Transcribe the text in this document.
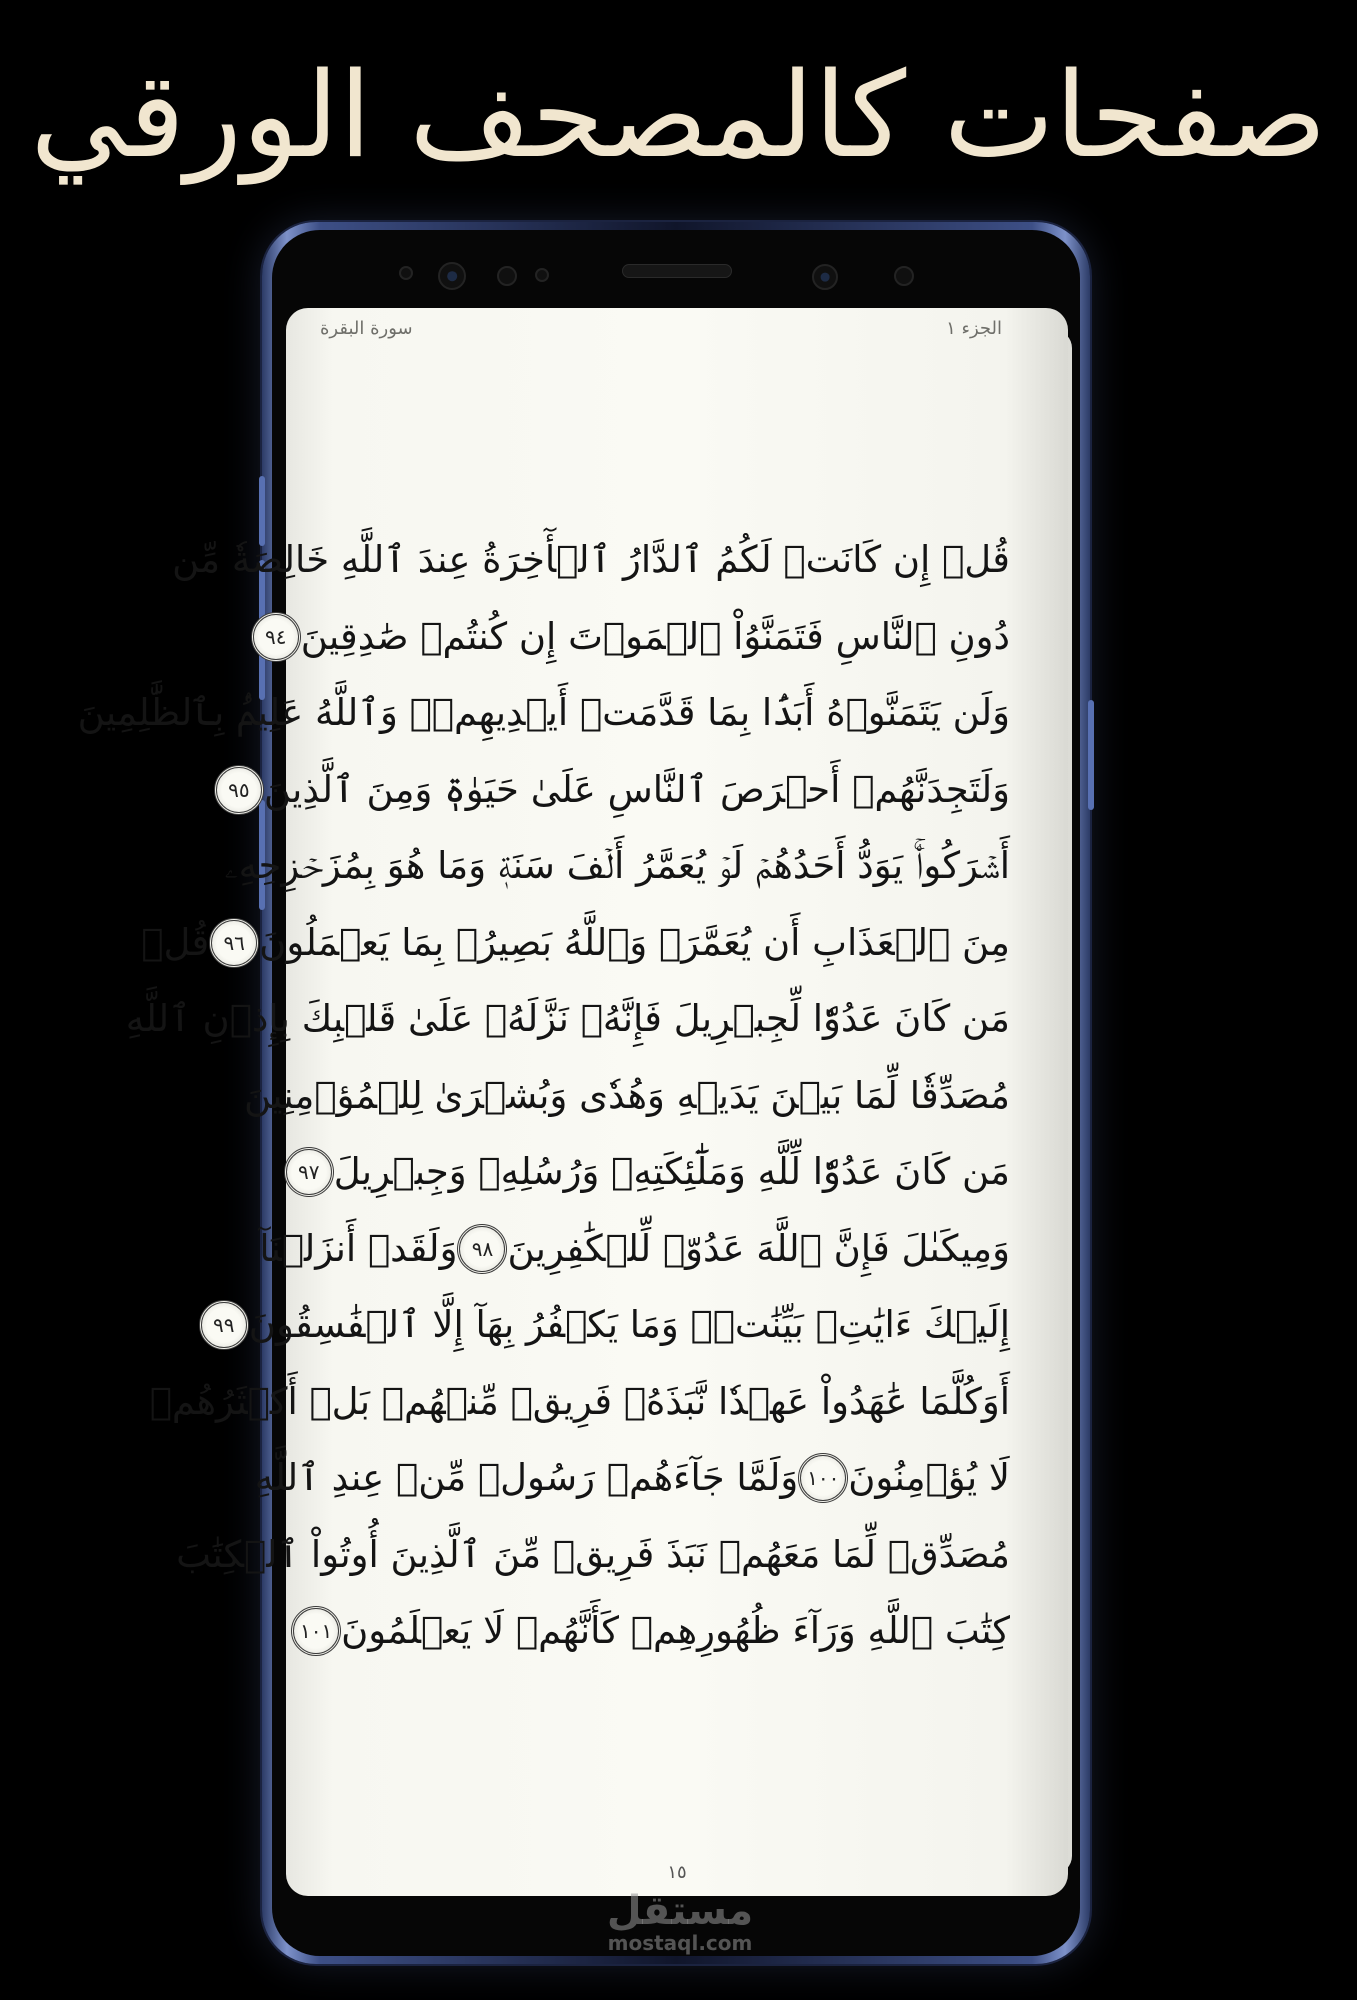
صفحات كالمصحف الورقي
سورة البقرة	الجزء ١
قُلۡ إِن كَانَتۡ لَكُمُ ٱلدَّارُ ٱلۡأٓخِرَةُ عِندَ ٱللَّهِ خَالِصَةٗ مِّن
دُونِ ٱلنَّاسِ فَتَمَنَّوُاْ ٱلۡمَوۡتَ إِن كُنتُمۡ صَٰدِقِينَ
٩٤
وَلَن يَتَمَنَّوۡهُ أَبَدَۢا بِمَا قَدَّمَتۡ أَيۡدِيهِمۡۚ وَٱللَّهُ عَلِيمُۢ بِٱلظَّٰلِمِينَ
وَلَتَجِدَنَّهُمۡ أَحۡرَصَ ٱلنَّاسِ عَلَىٰ حَيَوٰةٖ وَمِنَ ٱلَّذِينَ
٩٥
أَشۡرَكُواْۚ يَوَدُّ أَحَدُهُمۡ لَوۡ يُعَمَّرُ أَلۡفَ سَنَةٖ وَمَا هُوَ بِمُزَحۡزِحِهِۦ
مِنَ ٱلۡعَذَابِ أَن يُعَمَّرَۗ وَٱللَّهُ بَصِيرُۢ بِمَا يَعۡمَلُونَ
٩٦
قُلۡ
مَن كَانَ عَدُوّٗا لِّجِبۡرِيلَ فَإِنَّهُۥ نَزَّلَهُۥ عَلَىٰ قَلۡبِكَ بِإِذۡنِ ٱللَّهِ
مُصَدِّقٗا لِّمَا بَيۡنَ يَدَيۡهِ وَهُدٗى وَبُشۡرَىٰ لِلۡمُؤۡمِنِينَ
مَن كَانَ عَدُوّٗا لِّلَّهِ وَمَلَٰٓئِكَتِهِۦ وَرُسُلِهِۦ وَجِبۡرِيلَ
٩٧
وَمِيكَىٰلَ فَإِنَّ ٱللَّهَ عَدُوّٞ لِّلۡكَٰفِرِينَ
٩٨
وَلَقَدۡ أَنزَلۡنَآ
إِلَيۡكَ ءَايَٰتِۭ بَيِّنَٰتٖۖ وَمَا يَكۡفُرُ بِهَآ إِلَّا ٱلۡفَٰسِقُونَ
٩٩
أَوَكُلَّمَا عَٰهَدُواْ عَهۡدٗا نَّبَذَهُۥ فَرِيقٞ مِّنۡهُمۚ بَلۡ أَكۡثَرُهُمۡ
لَا يُؤۡمِنُونَ
١٠٠
وَلَمَّا جَآءَهُمۡ رَسُولٞ مِّنۡ عِندِ ٱللَّهِ
مُصَدِّقٞ لِّمَا مَعَهُمۡ نَبَذَ فَرِيقٞ مِّنَ ٱلَّذِينَ أُوتُواْ ٱلۡكِتَٰبَ
كِتَٰبَ ٱللَّهِ وَرَآءَ ظُهُورِهِمۡ كَأَنَّهُمۡ لَا يَعۡلَمُونَ
١٠١
١٥
مستقل
mostaql.com
